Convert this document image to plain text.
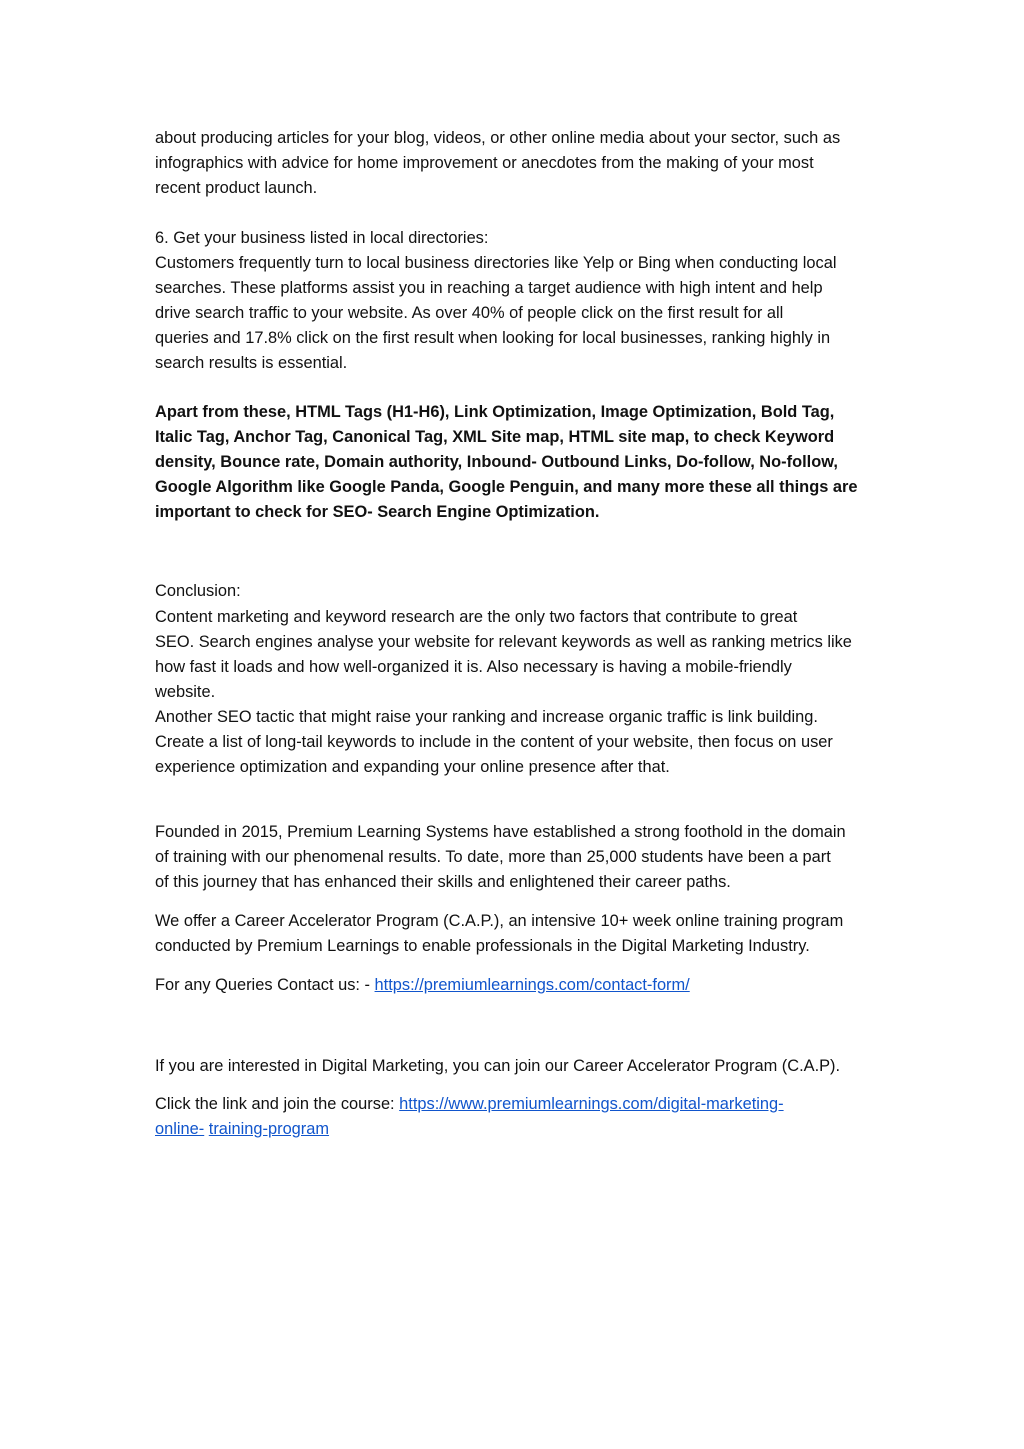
about producing articles for your blog, videos, or other online media about your sector, such as
infographics with advice for home improvement or anecdotes from the making of your most
recent product launch.

6. Get your business listed in local directories:
Customers frequently turn to local business directories like Yelp or Bing when conducting local
searches. These platforms assist you in reaching a target audience with high intent and help
drive search traffic to your website. As over 40% of people click on the first result for all
queries and 17.8% click on the first result when looking for local businesses, ranking highly in
search results is essential.

Apart from these, HTML Tags (H1-H6), Link Optimization, Image Optimization, Bold Tag,
Italic Tag, Anchor Tag, Canonical Tag, XML Site map, HTML site map, to check Keyword
density, Bounce rate, Domain authority, Inbound- Outbound Links, Do-follow, No-follow,
Google Algorithm like Google Panda, Google Penguin, and many more these all things are
important to check for SEO- Search Engine Optimization.

Conclusion:
Content marketing and keyword research are the only two factors that contribute to great
SEO. Search engines analyse your website for relevant keywords as well as ranking metrics like
how fast it loads and how well-organized it is. Also necessary is having a mobile-friendly
website.
Another SEO tactic that might raise your ranking and increase organic traffic is link building.
Create a list of long-tail keywords to include in the content of your website, then focus on user
experience optimization and expanding your online presence after that.

Founded in 2015, Premium Learning Systems have established a strong foothold in the domain
of training with our phenomenal results. To date, more than 25,000 students have been a part
of this journey that has enhanced their skills and enlightened their career paths.

We offer a Career Accelerator Program (C.A.P.), an intensive 10+ week online training program
conducted by Premium Learnings to enable professionals in the Digital Marketing Industry.

For any Queries Contact us: - https://premiumlearnings.com/contact-form/

If you are interested in Digital Marketing, you can join our Career Accelerator Program (C.A.P).

Click the link and join the course: https://www.premiumlearnings.com/digital-marketing-
online- training-program
